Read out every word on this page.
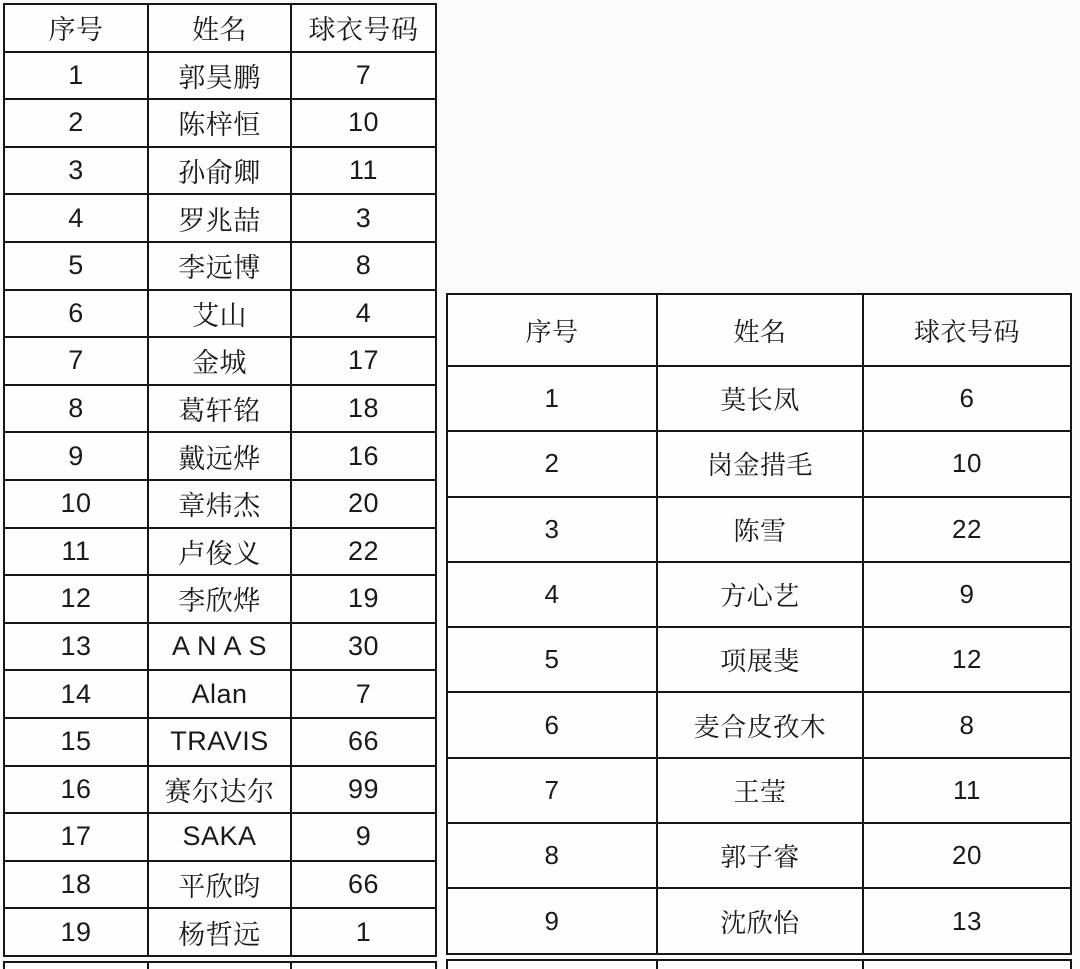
序号	姓名	球衣号码
1	郭昊鹏	7
2	陈梓恒	10
3	孙俞卿	11
4	罗兆喆	3
5	李远博	8
6	艾山	4
7	金城	17
8	葛轩铭	18
9	戴远烨	16
10	章炜杰	20
11	卢俊义	22
12	李欣烨	19
13	A N A S	30
14	Alan	7
15	TRAVIS	66
16	赛尔达尔	99
17	SAKA	9
18	平欣昀	66
19	杨哲远	1
序号	姓名	球衣号码
1	莫长凤	6
2	岗金措毛	10
3	陈雪	22
4	方心艺	9
5	项展斐	12
6	麦合皮孜木	8
7	王莹	11
8	郭子睿	20
9	沈欣怡	13
